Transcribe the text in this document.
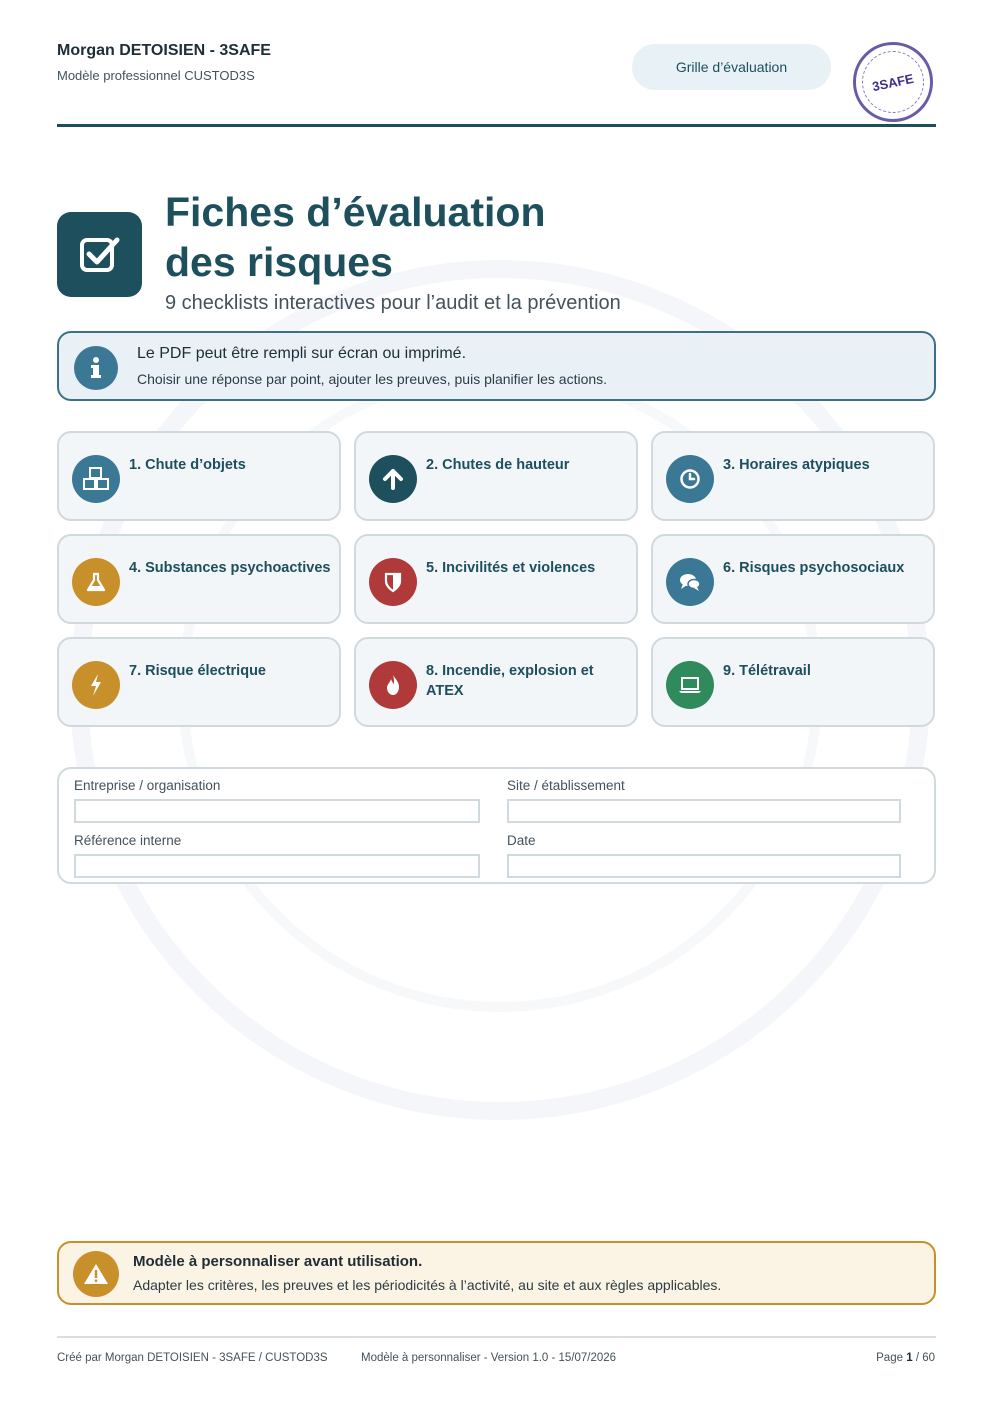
Morgan DETOISIEN - 3SAFE
Modèle professionnel CUSTOD3S
Grille d’évaluation
3SAFE
Fiches d’évaluation
des risques
9 checklists interactives pour l’audit et la prévention
Le PDF peut être rempli sur écran ou imprimé.
Choisir une réponse par point, ajouter les preuves, puis planifier les actions.
1. Chute d’objets	2. Chutes de hauteur	3. Horaires atypiques
4. Substances psychoactives	5. Incivilités et violences	6. Risques psychosociaux
7. Risque électrique	8. Incendie, explosion et ATEX
9. Télétravail
Entreprise / organisation	Site / établissement
Référence interne	Date
Modèle à personnaliser avant utilisation.
Adapter les critères, les preuves et les périodicités à l’activité, au site et aux règles applicables.
Créé par Morgan DETOISIEN - 3SAFE / CUSTOD3S	Modèle à personnaliser - Version 1.0 - 15/07/2026	Page 1 / 60
